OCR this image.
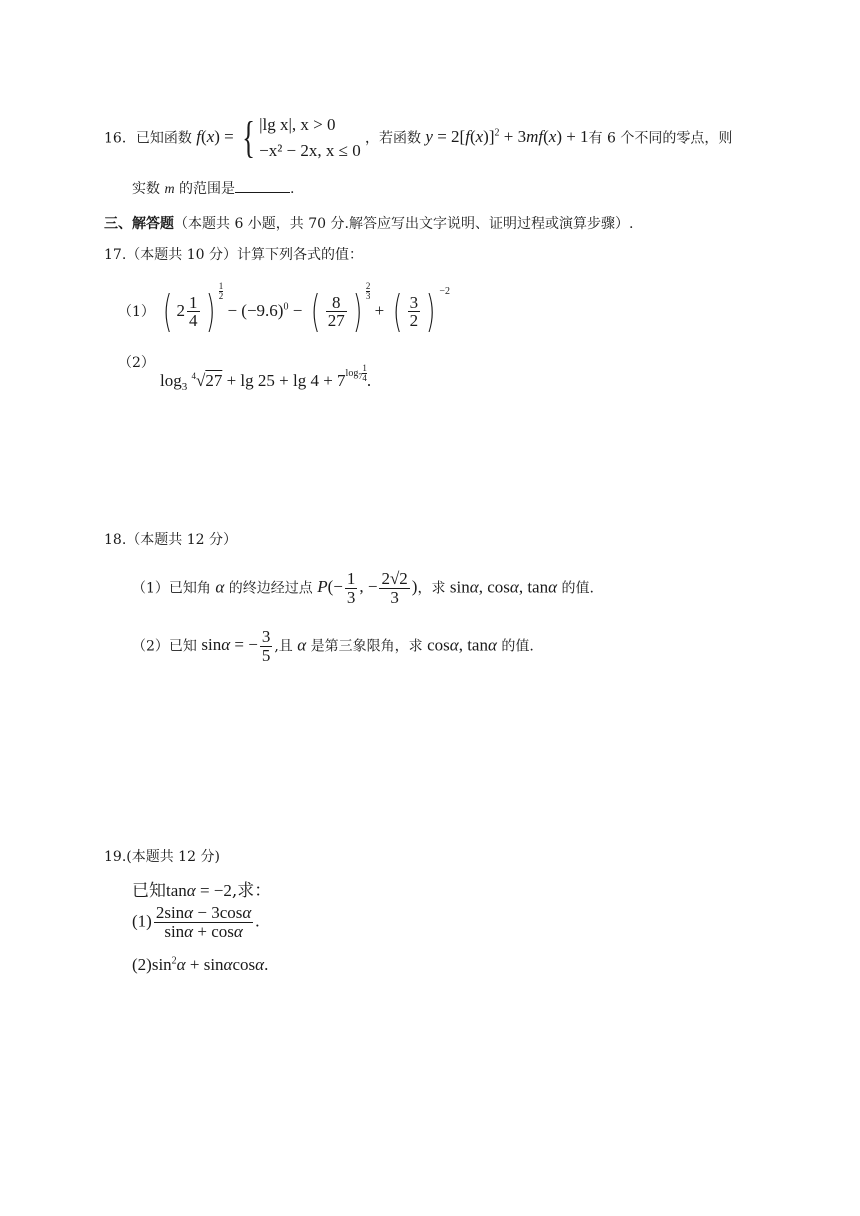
16．已知函数 f(x) = { |lg x|, x > 0
−x² − 2x, x ≤ 0
，若函数 $y = 2[f(x)]^2 + 3mf(x) + 1$有 6 个不同的零点，则
实数 m 的范围是	.
三、解答题（本题共 6 小题，共 70 分.解答应写出文字说明、证明过程或演算步骤）.
17.（本题共 10 分）计算下列各式的值：
（1） ( $2 \frac{1}{4}$ ) $^{\frac{1}{2}}$
− $(-9.6)^0$ − ( $\frac{8}{27}$ ) $^{\frac{2}{3}}$
+ ( $\frac{3}{2}$ ) $^{-2}$
（2）
$\log_3 ^4√27 + \lg 25 + \lg 4 + 7^{log_7 \frac{1}{4}}$ .
18.（本题共 12 分）
（1）已知角 α 的终边经过点 $P(- \frac{1}{3}$ , − $\frac{2√2}{3}$ )，求 sinα, cosα, tanα 的值.
（2）已知 sinα = − $\frac{3}{5}$ ,且 α 是第三象限角，求 cosα, tanα 的值.
19.(本题共 12 分)
已知tanα = −2,求：
$(1) \frac{2\sin\alpha - 3\cos\alpha}{\sin\alpha + \cos\alpha}$ .
$(2)\sin^2\alpha + \sin\alpha\cos\alpha$.
